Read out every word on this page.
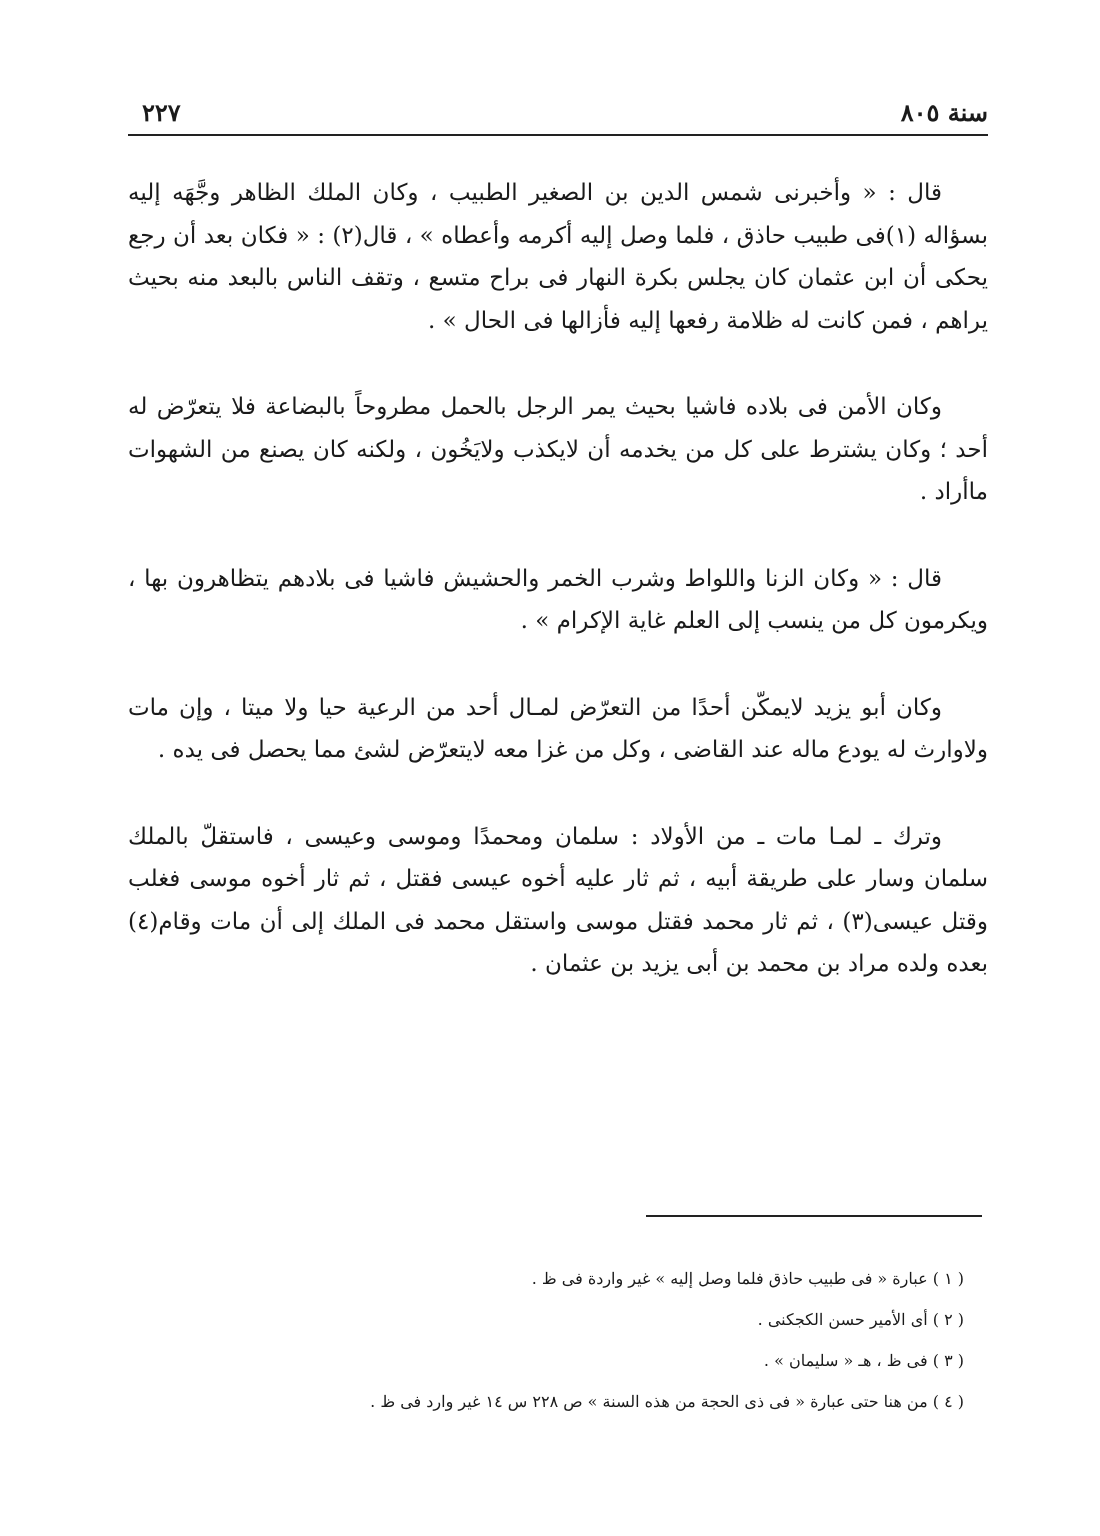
سنة ٨٠٥
٢٢٧

قال : « وأخبرنى شمس الدين بن الصغير الطبيب ، وكان الملك الظاهر وجَّهَه إليه بسؤاله (١)فى طبيب حاذق ، فلما وصل إليه أكرمه وأعطاه » ، قال(٢) : « فكان بعد أن رجع يحكى أن ابن عثمان كان يجلس بكرة النهار فى براح متسع ، وتقف الناس بالبعد منه بحيث يراهم ، فمن كانت له ظلامة رفعها إليه فأزالها فى الحال » .

وكان الأمن فى بلاده فاشيا بحيث يمر الرجل بالحمل مطروحاً بالبضاعة فلا يتعرّض له أحد ؛ وكان يشترط على كل من يخدمه أن لايكذب ولايَخُون ، ولكنه كان يصنع من الشهوات ماأراد .

قال : « وكان الزنا واللواط وشرب الخمر والحشيش فاشيا فى بلادهم يتظاهرون بها ، ويكرمون كل من ينسب إلى العلم غاية الإكرام » .

وكان أبو يزيد لايمكّن أحدًا من التعرّض لمـال أحد من الرعية حيا ولا ميتا ، وإن مات ولاوارث له يودع ماله عند القاضى ، وكل من غزا معه لايتعرّض لشئ مما يحصل فى يده .

وترك ـ لمـا مات ـ من الأولاد : سلمان ومحمدًا وموسى وعيسى ، فاستقلّ بالملك سلمان وسار على طريقة أبيه ، ثم ثار عليه أخوه عيسى فقتل ، ثم ثار أخوه موسى فغلب وقتل عيسى(٣) ، ثم ثار محمد فقتل موسى واستقل محمد فى الملك إلى أن مات وقام(٤) بعده ولده مراد بن محمد بن أبى يزيد بن عثمان .

( ١ ) عبارة « فى طبيب حاذق فلما وصل إليه » غير واردة فى ظ .

( ٢ ) أى الأمير حسن الكجكنى .

( ٣ ) فى ظ ، هـ « سليمان » .

( ٤ ) من هنا حتى عبارة « فى ذى الحجة من هذه السنة » ص ٢٢٨ س ١٤ غير وارد فى ظ .
